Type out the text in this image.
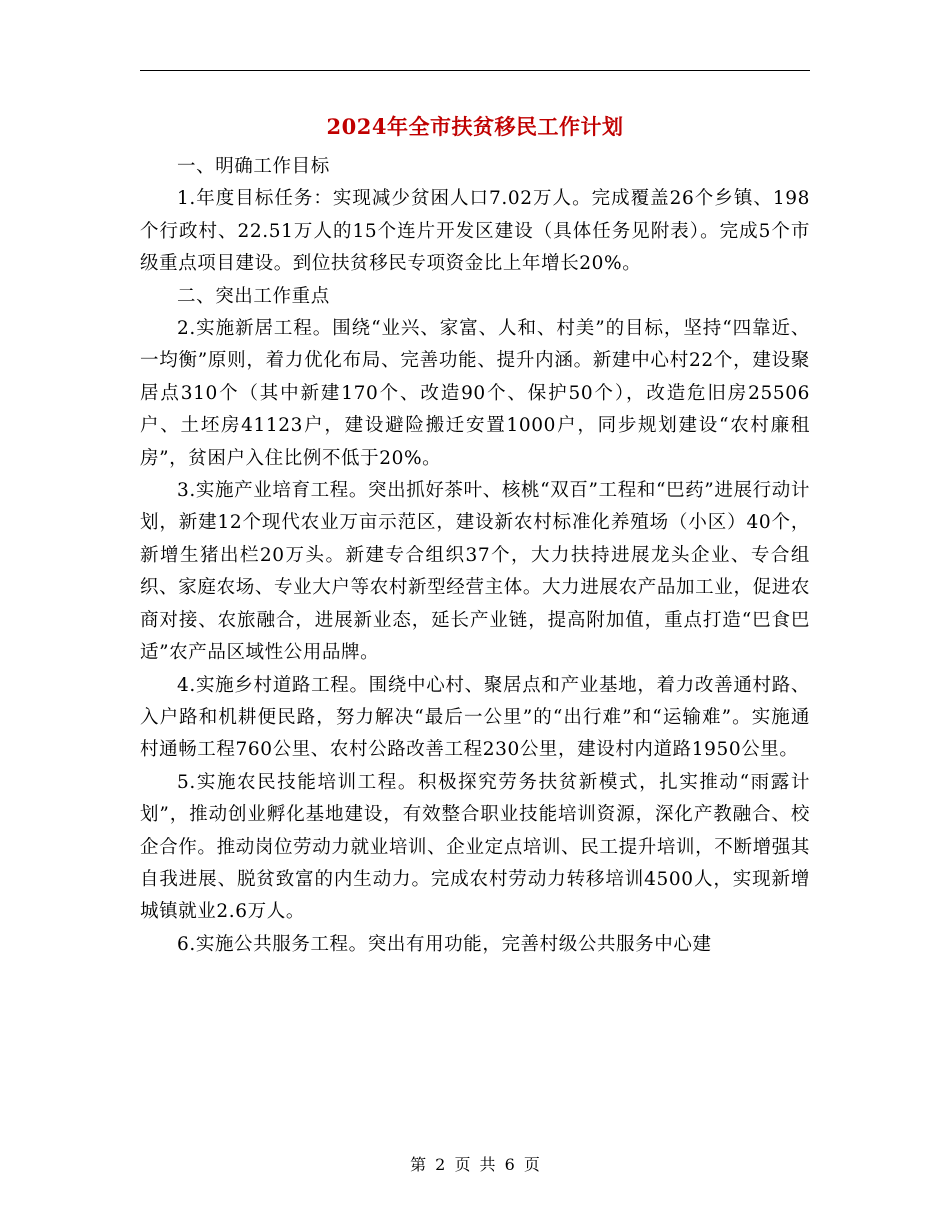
2024年全市扶贫移民工作计划

一、明确工作目标

1.年度目标任务：实现减少贫困人口7.02万人。完成覆盖26个乡镇、198个行政村、22.51万人的15个连片开发区建设（具体任务见附表）。完成5个市级重点项目建设。到位扶贫移民专项资金比上年增长20%。

二、突出工作重点

2.实施新居工程。围绕“业兴、家富、人和、村美”的目标，坚持“四靠近、一均衡”原则，着力优化布局、完善功能、提升内涵。新建中心村22个，建设聚居点310个（其中新建170个、改造90个、保护50个），改造危旧房25506户、土坯房41123户，建设避险搬迁安置1000户，同步规划建设“农村廉租房”，贫困户入住比例不低于20%。

3.实施产业培育工程。突出抓好茶叶、核桃“双百”工程和“巴药”进展行动计划，新建12个现代农业万亩示范区，建设新农村标准化养殖场（小区）40个，新增生猪出栏20万头。新建专合组织37个，大力扶持进展龙头企业、专合组织、家庭农场、专业大户等农村新型经营主体。大力进展农产品加工业，促进农商对接、农旅融合，进展新业态，延长产业链，提高附加值，重点打造“巴食巴适”农产品区域性公用品牌。

4.实施乡村道路工程。围绕中心村、聚居点和产业基地，着力改善通村路、入户路和机耕便民路，努力解决“最后一公里”的“出行难”和“运输难”。实施通村通畅工程760公里、农村公路改善工程230公里，建设村内道路1950公里。

5.实施农民技能培训工程。积极探究劳务扶贫新模式，扎实推动“雨露计划”，推动创业孵化基地建设，有效整合职业技能培训资源，深化产教融合、校企合作。推动岗位劳动力就业培训、企业定点培训、民工提升培训，不断增强其自我进展、脱贫致富的内生动力。完成农村劳动力转移培训4500人，实现新增城镇就业2.6万人。

6.实施公共服务工程。突出有用功能，完善村级公共服务中心建

第 2 页 共 6 页
